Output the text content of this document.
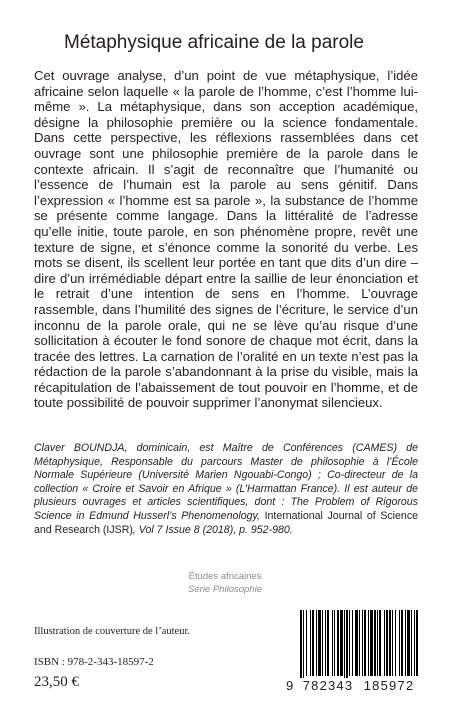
Métaphysique africaine de la parole

Cet ouvrage analyse, d’un point de vue métaphysique, l’idée africaine selon laquelle « la parole de l’homme, c’est l’homme lui-même ». La métaphysique, dans son acception académique, désigne la philosophie première ou la science fondamentale. Dans cette perspective, les réflexions rassemblées dans cet ouvrage sont une philosophie première de la parole dans le contexte africain. Il s’agit de reconnaître que l’humanité ou l’essence de l’humain est la parole au sens génitif. Dans l’expression « l’homme est sa parole », la substance de l’homme se présente comme langage. Dans la littéralité de l’adresse qu’elle initie, toute parole, en son phénomène propre, revêt une texture de signe, et s’énonce comme la sonorité du verbe. Les mots se disent, ils scellent leur portée en tant que dits d’un dire – dire d’un irrémédiable départ entre la saillie de leur énonciation et le retrait d’une intention de sens en l’homme. L’ouvrage rassemble, dans l’humilité des signes de l’écriture, le service d’un inconnu de la parole orale, qui ne se lève qu’au risque d’une sollicitation à écouter le fond sonore de chaque mot écrit, dans la tracée des lettres. La carnation de l’oralité en un texte n’est pas la rédaction de la parole s’abandonnant à la prise du visible, mais la récapitulation de l’abaissement de tout pouvoir en l’homme, et de toute possibilité de pouvoir supprimer l’anonymat silencieux.

Claver BOUNDJA, dominicain, est Maître de Conférences (CAMES) de Métaphysique, Responsable du parcours Master de philosophie à l’École Normale Supérieure (Université Marien Ngouabi-Congo) ; Co-directeur de la collection « Croire et Savoir en Afrique » (L’Harmattan France). Il est auteur de plusieurs ouvrages et articles scientifiques, dont : The Problem of Rigorous Science in Edmund Husserl’s Phenomenology, International Journal of Science and Research (IJSR), Vol 7 Issue 8 (2018), p. 952-980.
Études africaines
Série Philosophie
Illustration de couverture de l’auteur.
ISBN : 978-2-343-18597-2
23,50 €	9 782343 185972
